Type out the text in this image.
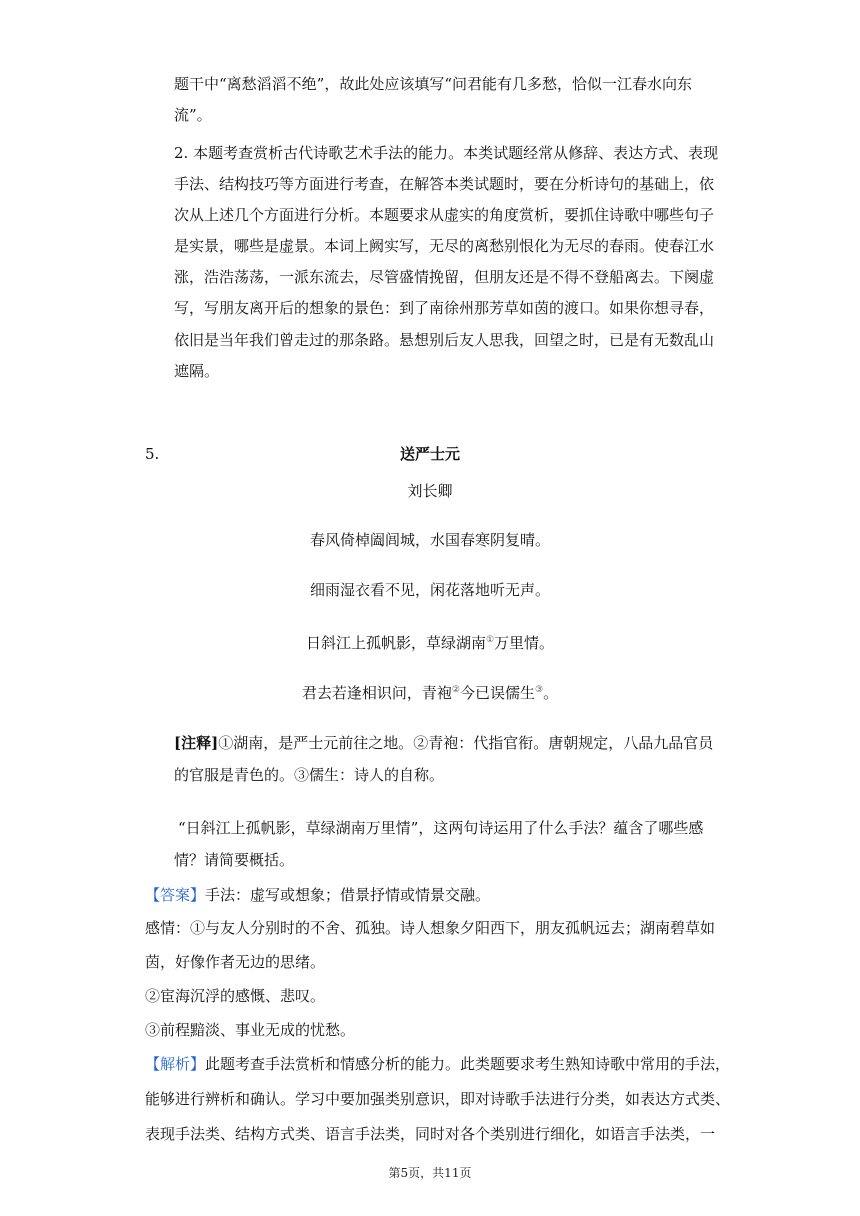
题干中“离愁滔滔不绝”，故此处应该填写“问君能有几多愁，恰似一江春水向东
流”。
2. 本题考查赏析古代诗歌艺术手法的能力。本类试题经常从修辞、表达方式、表现
手法、结构技巧等方面进行考查，在解答本类试题时，要在分析诗句的基础上，依
次从上述几个方面进行分析。本题要求从虚实的角度赏析，要抓住诗歌中哪些句子
是实景，哪些是虚景。本词上阙实写，无尽的离愁别恨化为无尽的春雨。使春江水
涨，浩浩荡荡，一派东流去，尽管盛情挽留，但朋友还是不得不登船离去。下阕虚
写，写朋友离开后的想象的景色：到了南徐州那芳草如茵的渡口。如果你想寻春，
依旧是当年我们曾走过的那条路。悬想别后友人思我，回望之时，已是有无数乱山
遮隔。
5.	送严士元
刘长卿
春风倚棹阖闾城，水国春寒阴复晴。
细雨湿衣看不见，闲花落地听无声。
日斜江上孤帆影，草绿湖南①万里情。
君去若逢相识问，青袍②今已误儒生③。
[注释]①湖南，是严士元前往之地。②青袍：代指官衔。唐朝规定，八品九品官员
的官服是青色的。③儒生：诗人的自称。
“日斜江上孤帆影，草绿湖南万里情”，这两句诗运用了什么手法？蕴含了哪些感
情？请简要概括。
【答案】手法：虚写或想象；借景抒情或情景交融。
感情：①与友人分别时的不舍、孤独。诗人想象夕阳西下，朋友孤帆远去；湖南碧草如
茵，好像作者无边的思绪。
②宦海沉浮的感慨、悲叹。
③前程黯淡、事业无成的忧愁。
【解析】此题考查手法赏析和情感分析的能力。此类题要求考生熟知诗歌中常用的手法，
能够进行辨析和确认。学习中要加强类别意识，即对诗歌手法进行分类，如表达方式类、
表现手法类、结构方式类、语言手法类，同时对各个类别进行细化，如语言手法类，一
第5页，共11页
